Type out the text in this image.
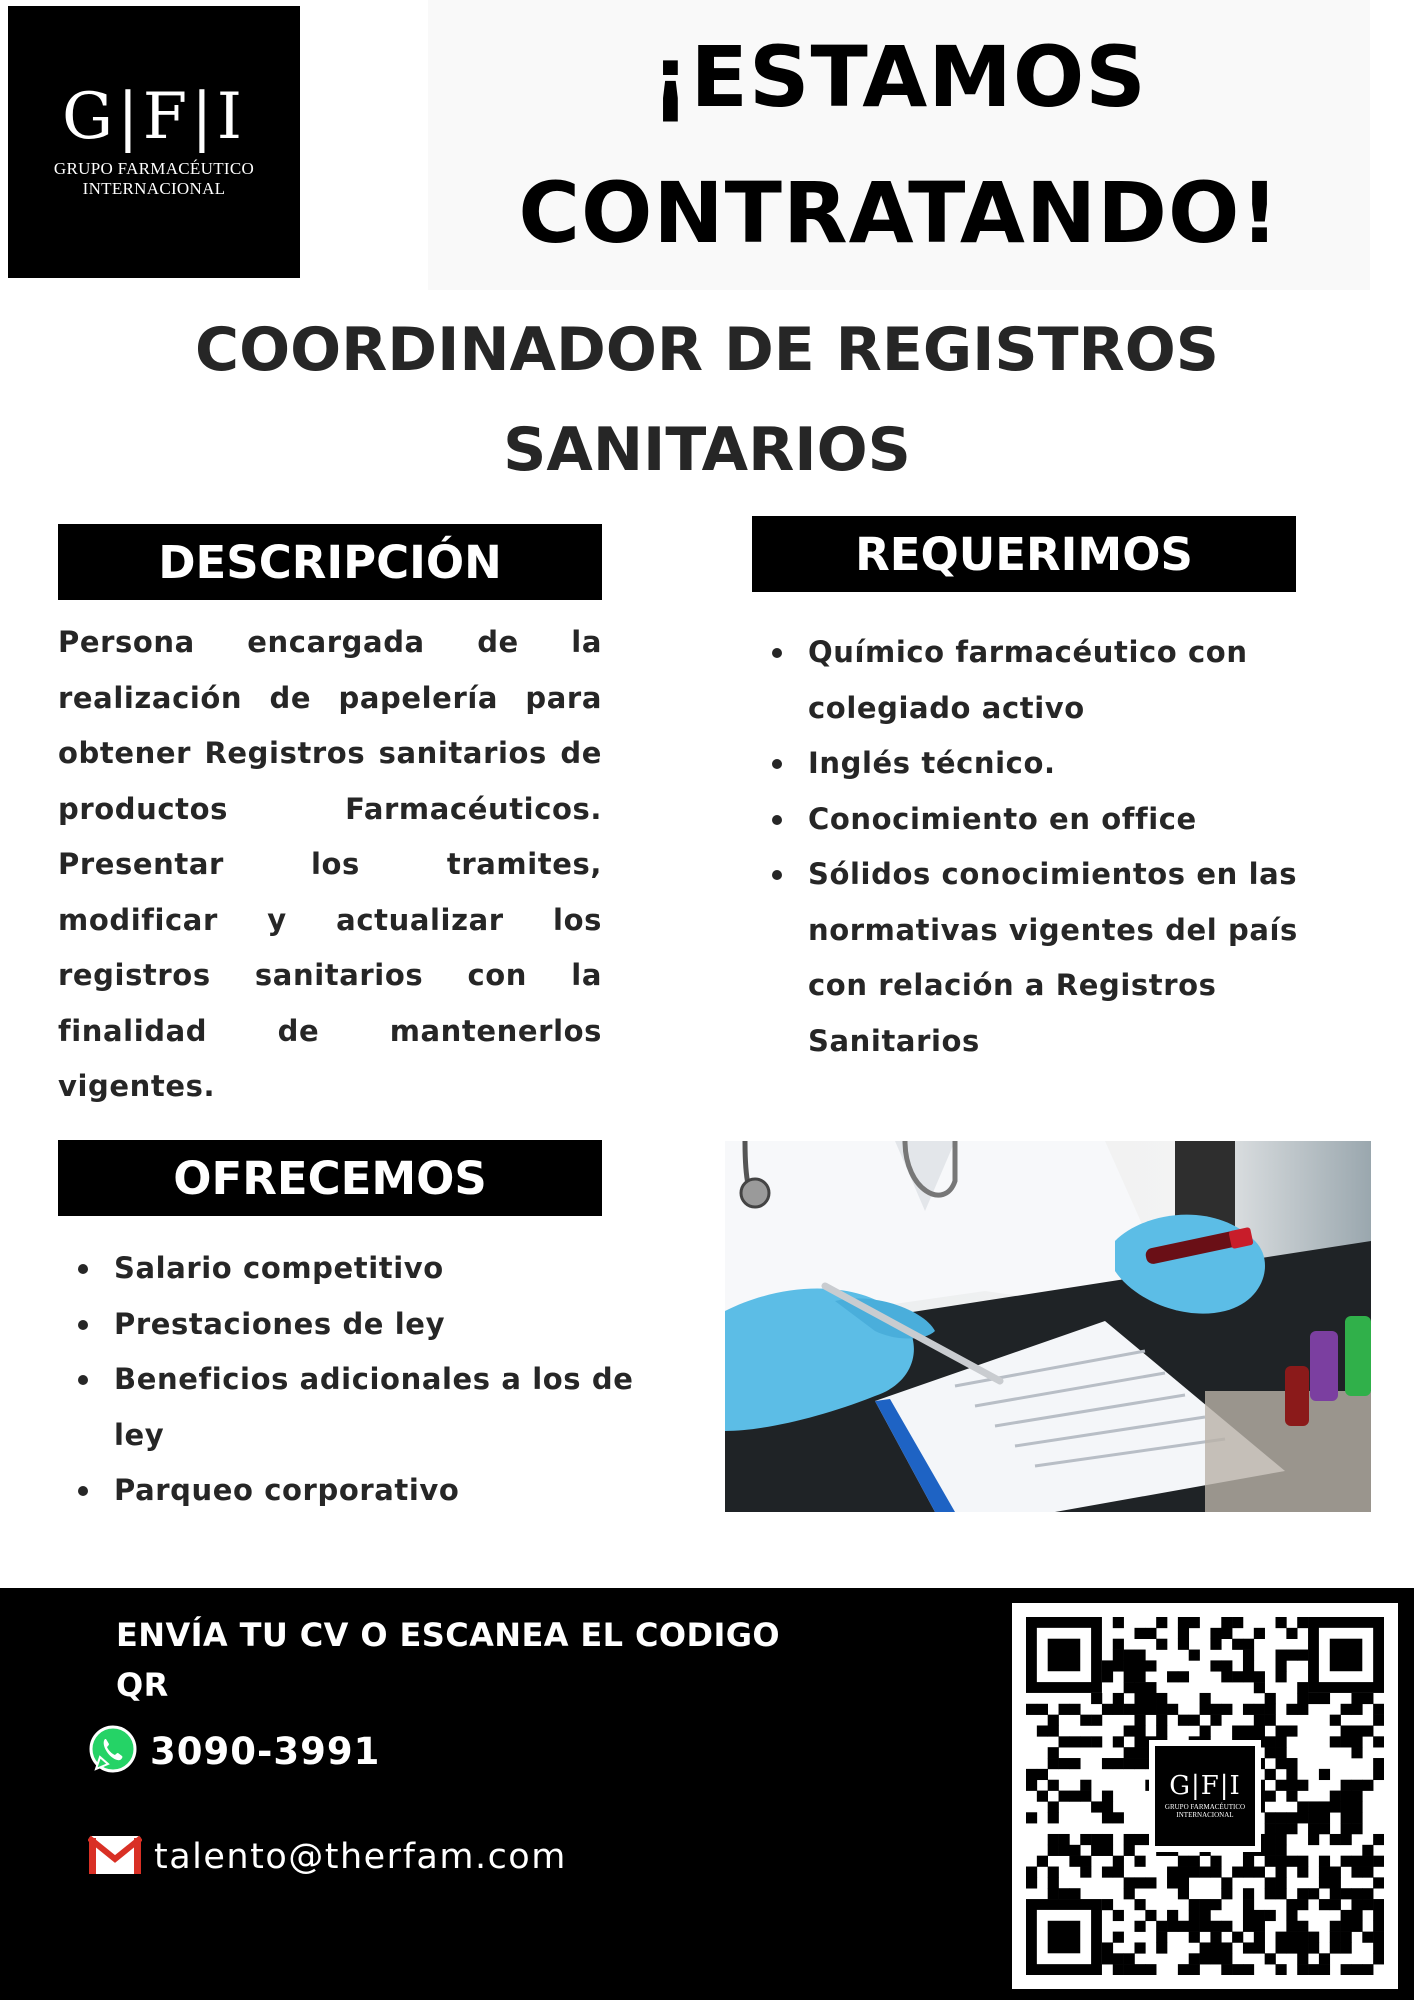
G|F|I
GRUPO FARMACÉUTICO
INTERNACIONAL
¡ESTAMOS
CONTRATANDO!
COORDINADOR DE REGISTROS
SANITARIOS
DESCRIPCIÓN

Persona encargada de la realización de papelería para obtener Registros sanitarios de productos Farmacéuticos. Presentar los tramites, modificar y actualizar los registros sanitarios con la finalidad de mantenerlos vigentes.

REQUERIMOS
Químico farmacéutico con colegiado activo
Inglés técnico.
Conocimiento en office
Sólidos conocimientos en las normativas vigentes del país con relación a Registros Sanitarios
OFRECEMOS
Salario competitivo
Prestaciones de ley
Beneficios adicionales a los de ley
Parqueo corporativo
ENVÍA TU CV O ESCANEA EL CODIGO QR
3090-3991
talento@therfam.com
G|F|I
GRUPO FARMACÉUTICO
INTERNACIONAL
